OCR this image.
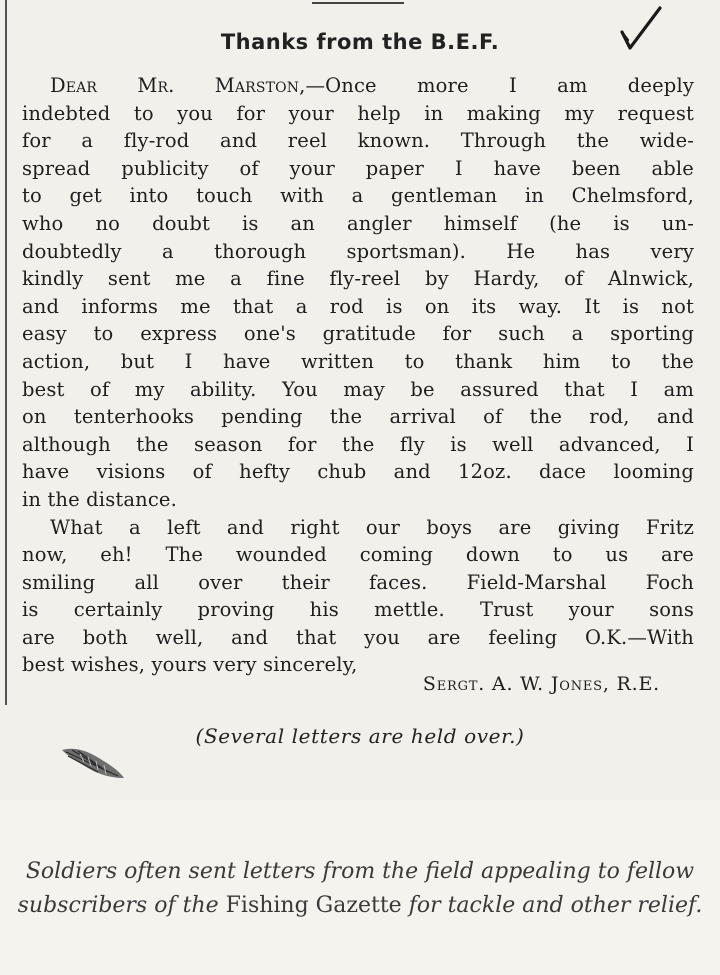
Thanks from the B.E.F.
Dear Mr. Marston,—Once more I am deeply
indebted to you for your help in making my request
for a fly-rod and reel known. Through the wide-
spread publicity of your paper I have been able
to get into touch with a gentleman in Chelmsford,
who no doubt is an angler himself (he is un-
doubtedly a thorough sportsman). He has very
kindly sent me a fine fly-reel by Hardy, of Alnwick,
and informs me that a rod is on its way. It is not
easy to express one's gratitude for such a sporting
action, but I have written to thank him to the
best of my ability. You may be assured that I am
on tenterhooks pending the arrival of the rod, and
although the season for the fly is well advanced, I
have visions of hefty chub and 12oz. dace looming
in the distance.
What a left and right our boys are giving Fritz
now, eh! The wounded coming down to us are
smiling all over their faces. Field-Marshal Foch
is certainly proving his mettle. Trust your sons
are both well, and that you are feeling O.K.—With
best wishes, yours very sincerely,
Sergt. A. W. Jones, R.E.
(Several letters are held over.)
Soldiers often sent letters from the field appealing to fellow subscribers of the Fishing Gazette for tackle and other relief.
